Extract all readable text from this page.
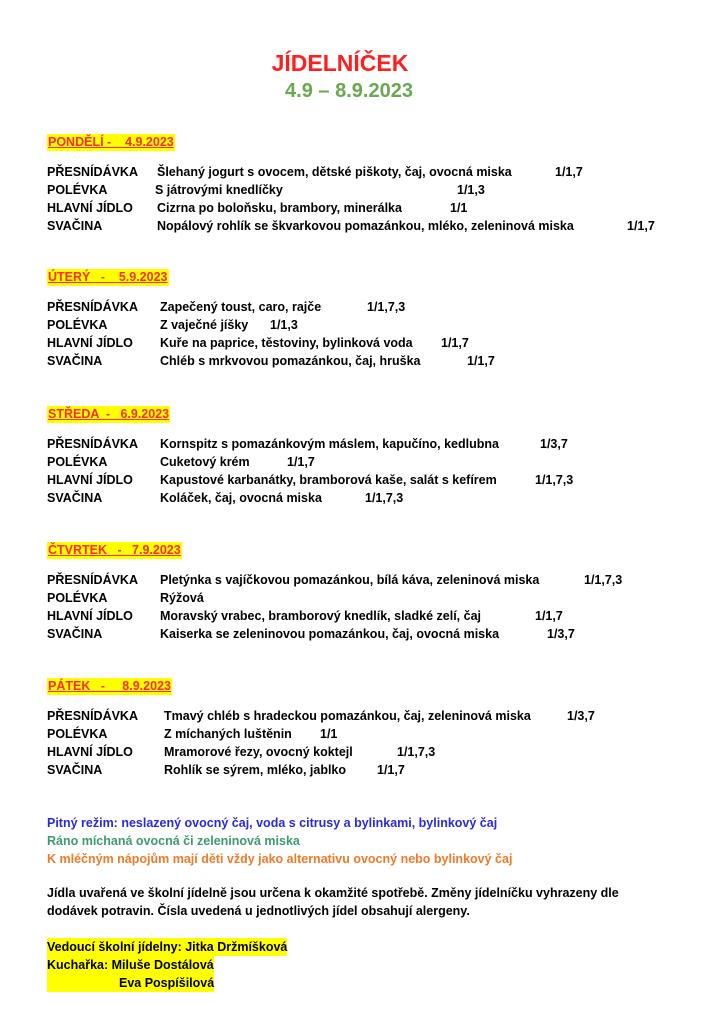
JÍDELNÍČEK
4.9 – 8.9.2023
PONDĚLÍ -    4.9.2023
PŘESNÍDÁVKA	Šlehaný jogurt s ovocem, dětské piškoty, čaj, ovocná miska	1/1,7
POLÉVKA	S játrovými knedlíčky	1/1,3
HLAVNÍ JÍDLO	Cizrna po boloňsku, brambory, minerálka	1/1
SVAČINA	Nopálový rohlík se škvarkovou pomazánkou, mléko, zeleninová miska	1/1,7
ÚTERÝ   -    5.9.2023
PŘESNÍDÁVKA	Zapečený toust, caro, rajče	1/1,7,3
POLÉVKA	Z vaječné jíšky 1/1,3
HLAVNÍ JÍDLO	Kuře na paprice, těstoviny, bylinková voda 1/1,7
SVAČINA	Chléb s mrkvovou pomazánkou, čaj, hruška	1/1,7
STŘEDA  -   6.9.2023
PŘESNÍDÁVKA	Kornspitz s pomazánkovým máslem, kapučíno, kedlubna	1/3,7
POLÉVKA	Cuketový krém	1/1,7
HLAVNÍ JÍDLO	Kapustové karbanátky, bramborová kaše, salát s kefírem	1/1,7,3
SVAČINA	Koláček, čaj, ovocná miska	1/1,7,3
ČTVRTEK   -   7.9.2023
PŘESNÍDÁVKA	Pletýnka s vajíčkovou pomazánkou, bílá káva, zeleninová miska	1/1,7,3
POLÉVKA	Rýžová
HLAVNÍ JÍDLO	Moravský vrabec, bramborový knedlík, sladké zelí, čaj	1/1,7
SVAČINA	Kaiserka se zeleninovou pomazánkou, čaj, ovocná miska	1/3,7
PÁTEK   -     8.9.2023
PŘESNÍDÁVKA	Tmavý chléb s hradeckou pomazánkou, čaj, zeleninová miska	1/3,7
POLÉVKA	Z míchaných luštěnin 1/1
HLAVNÍ JÍDLO	Mramorové řezy, ovocný koktejl	1/1,7,3
SVAČINA	Rohlík se sýrem, mléko, jablko 1/1,7
Pitný režim: neslazený ovocný čaj, voda s citrusy a bylinkami, bylinkový čaj
Ráno míchaná ovocná či zeleninová miska
K mléčným nápojům mají děti vždy jako alternativu ovocný nebo bylinkový čaj
Jídla uvařená ve školní jídelně jsou určena k okamžité spotřebě. Změny jídelníčku vyhrazeny dle
dodávek potravin. Čísla uvedená u jednotlivých jídel obsahují alergeny.
Vedoucí školní jídelny: Jitka Držmíšková
Kuchařka: Miluše Dostálová
Eva Pospíšilová
